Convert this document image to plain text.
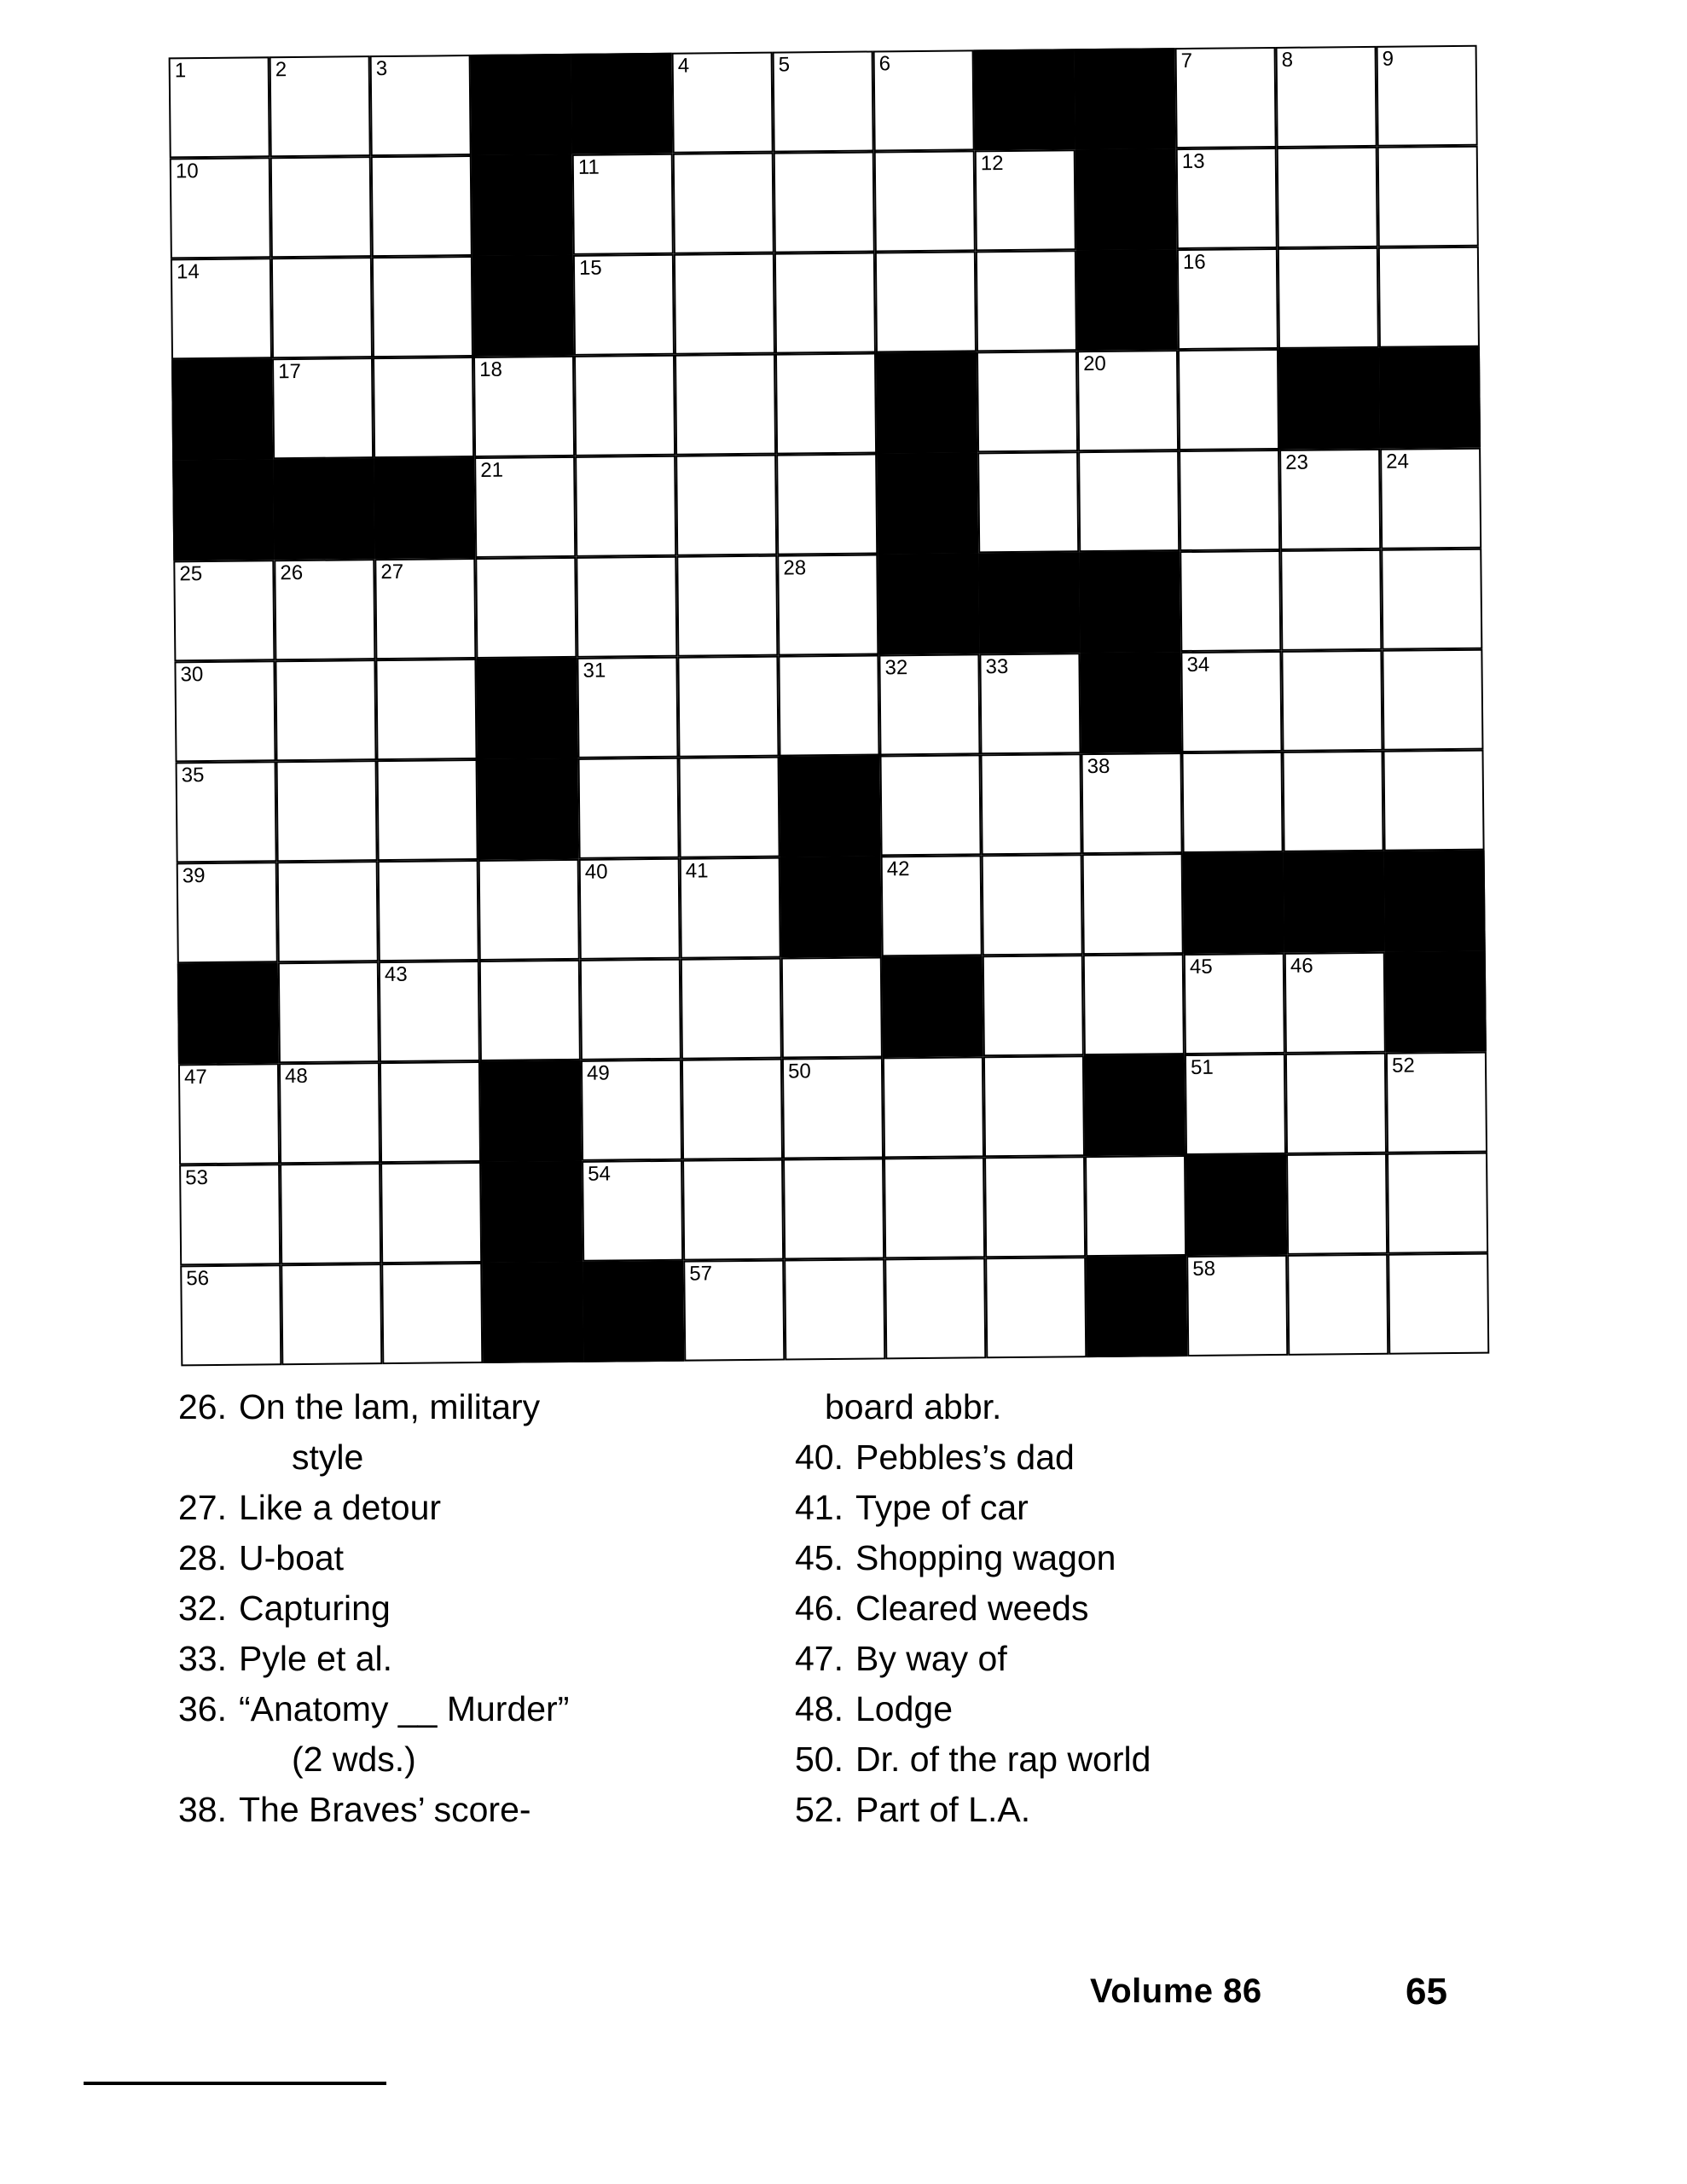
1	2	3	4	5	6	7	8	9
10	11	12	13
14	15	16
17	18	20
21	23	24
25	26	27	28
30	31	32	33	34
35	38
39	40	41	42
43	45	46
47	48	49	50	51	52
53	54
56	57	58
26. On the lam, military
style
27. Like a detour
28. U-boat
32. Capturing
33. Pyle et al.
36. “Anatomy __ Murder”
(2 wds.)
38. The Braves’ score-
board abbr.
40. Pebbles’s dad
41. Type of car
45. Shopping wagon
46. Cleared weeds
47. By way of
48. Lodge
50. Dr. of the rap world
52. Part of L.A.
Volume 86	65
